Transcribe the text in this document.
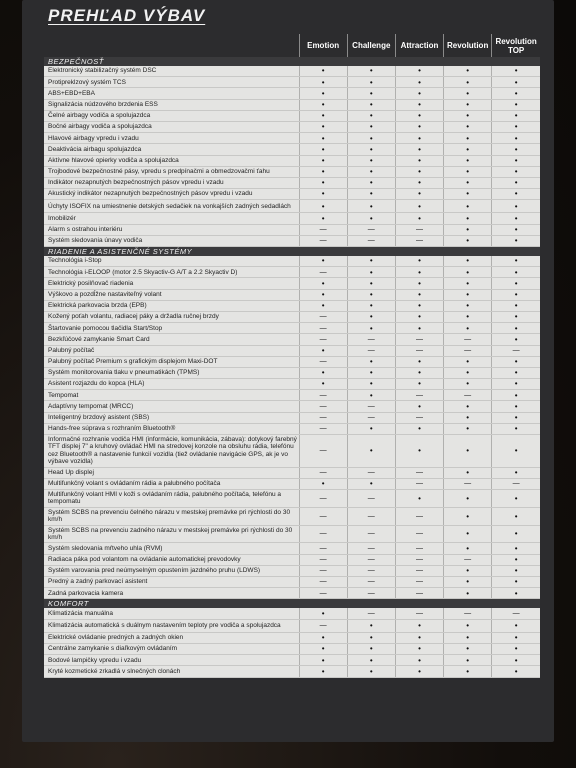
PREHĽAD VÝBAV
	Emotion	Challenge	Attraction	Revolution	Revolution TOP
BEZPEČNOSŤ					
Elektronický stabilizačný systém DSC	•	•	•	•	•
Protipreklzový systém TCS	•	•	•	•	•
ABS+EBD+EBA	•	•	•	•	•
Signalizácia núdzového brzdenia ESS	•	•	•	•	•
Čelné airbagy vodiča a spolujazdca	•	•	•	•	•
Bočné airbagy vodiča a spolujazdca	•	•	•	•	•
Hlavové airbagy vpredu i vzadu	•	•	•	•	•
Deaktivácia airbagu spolujazdca	•	•	•	•	•
Aktívne hlavové opierky vodiča a spolujazdca	•	•	•	•	•
Trojbodové bezpečnostné pásy, vpredu s predpínačmi a obmedzovačmi ťahu	•	•	•	•	•
Indikátor nezapnutých bezpečnostných pásov vpredu i vzadu	•	•	•	•	•
Akustický indikátor nezapnutých bezpečnostných pásov vpredu i vzadu	•	•	•	•	•
Úchyty ISOFIX na umiestnenie detských sedačiek na vonkajších zadných sedadlách	•	•	•	•	•
Imobilizér	•	•	•	•	•
Alarm s ostrahou interiéru	—	—	—	•	•
Systém sledovania únavy vodiča	—	—	—	•	•
RIADENIE A ASISTENČNÉ SYSTÉMY					
Technológia i-Stop	•	•	•	•	•
Technológia i-ELOOP (motor 2.5 Skyactiv-G A/T a 2.2 Skyactiv D)	—	•	•	•	•
Elektrický posilňovač riadenia	•	•	•	•	•
Výškovo a pozdĺžne nastaviteľný volant	•	•	•	•	•
Elektrická parkovacia brzda (EPB)	•	•	•	•	•
Kožený poťah volantu, radiacej páky a držadla ručnej brzdy	—	•	•	•	•
Štartovanie pomocou tlačidla Start/Stop	—	•	•	•	•
Bezkľúčové zamykanie Smart Card	—	—	—	—	•
Palubný počítač	•	—	—	—	—
Palubný počítač Premium s grafickým displejom Maxi-DOT	—	•	•	•	•
Systém monitorovania tlaku v pneumatikách (TPMS)	•	•	•	•	•
Asistent rozjazdu do kopca (HLA)	•	•	•	•	•
Tempomat	—	•	—	—	•
Adaptívny tempomat (MRCC)	—	—	•	•	•
Inteligentný brzdový asistent (SBS)	—	—	—	•	•
Hands-free súprava s rozhraním Bluetooth®	—	•	•	•	•
Informačné rozhranie vodiča HMI (informácie, komunikácia, zábava): dotykový farebný TFT displej 7" a kruhový ovládač HMI na stredovej konzole na obsluhu rádia, telefónu cez Bluetooth® a nastavenie funkcií vozidla (tiež ovládanie navigácie GPS, ak je vo výbave vozidla)	—	•	•	•	•
Head Up displej	—	—	—	•	•
Multifunkčný volant s ovládaním rádia a palubného počítača	•	•	—	—	—
Multifunkčný volant HMI v koži s ovládaním rádia, palubného počítača, telefónu a tempomatu	—	—	•	•	•
Systém SCBS na prevenciu čelného nárazu v mestskej premávke pri rýchlosti do 30 km/h	—	—	—	•	•
Systém SCBS na prevenciu zadného nárazu v mestskej premávke pri rýchlosti do 30 km/h	—	—	—	•	•
Systém sledovania mŕtveho uhla (RVM)	—	—	—	•	•
Radiaca páka pod volantom na ovládanie automatickej prevodovky	—	—	—	—	•
Systém varovania pred neúmyselným opustením jazdného pruhu (LDWS)	—	—	—	•	•
Predný a zadný parkovací asistent	—	—	—	•	•
Zadná parkovacia kamera	—	—	—	•	•
KOMFORT					
Klimatizácia manuálna	•	—	—	—	—
Klimatizácia automatická s duálnym nastavením teploty pre vodiča a spolujazdca	—	•	•	•	•
Elektrické ovládanie predných a zadných okien	•	•	•	•	•
Centrálne zamykanie s diaľkovým ovládaním	•	•	•	•	•
Bodové lampičky vpredu i vzadu	•	•	•	•	•
Kryté kozmetické zrkadlá v slnečných clonách	•	•	•	•	•
